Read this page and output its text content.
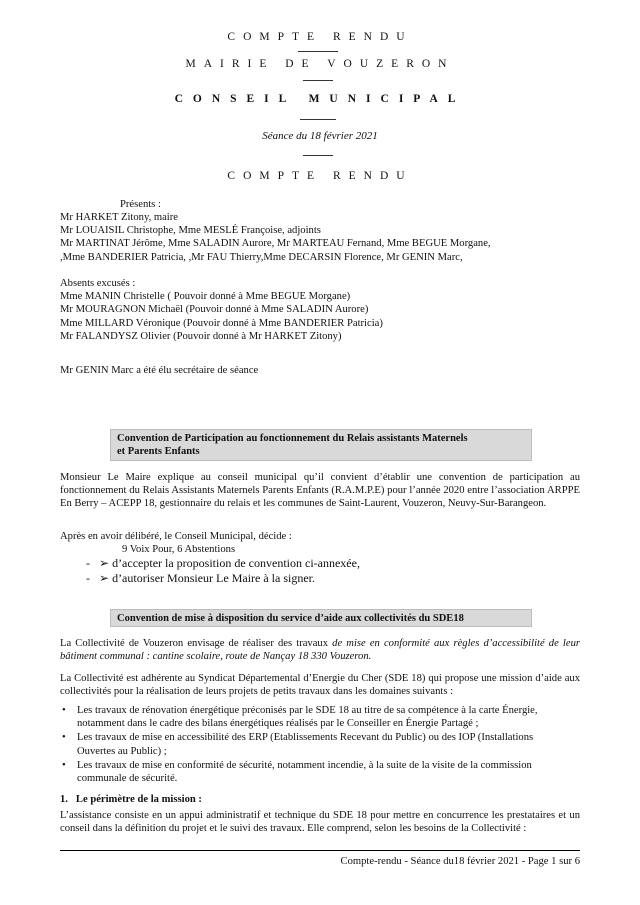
COMPTE RENDU
MAIRIE DE VOUZERON
CONSEIL MUNICIPAL
Séance du 18 février 2021
COMPTE RENDU
Présents :
Mr HARKET Zitony, maire
Mr LOUAISIL Christophe, Mme MESLÉ Françoise, adjoints
Mr MARTINAT Jérôme, Mme SALADIN Aurore, Mr MARTEAU Fernand, Mme BEGUE Morgane,
,Mme BANDERIER Patricia, ,Mr FAU Thierry,Mme DECARSIN Florence, Mr GENIN Marc,
Absents excusés :
Mme MANIN Christelle ( Pouvoir donné à Mme BEGUE Morgane)
Mr MOURAGNON Michaël (Pouvoir donné à Mme SALADIN Aurore)
Mme MILLARD Véronique (Pouvoir donné à Mme BANDERIER Patricia)
Mr FALANDYSZ Olivier (Pouvoir donné à Mr HARKET Zitony)
Mr GENIN Marc a été élu secrétaire de séance
Convention de Participation au fonctionnement du Relais assistants Maternels
et Parents Enfants
Monsieur Le Maire explique au conseil municipal qu’il convient d’établir une convention de participation au fonctionnement du Relais Assistants Maternels Parents Enfants (R.A.M.P.E) pour l’année 2020 entre l’association ARPPE En Berry – ACEPP 18, gestionnaire du relais et les communes de Saint-Laurent, Vouzeron, Neuvy-Sur-Barangeon.
Après en avoir délibéré, le Conseil Municipal, décide :
9 Voix Pour, 6 Abstentions
-   ➢ d’accepter la proposition de convention ci-annexée,
-   ➢ d’autoriser Monsieur Le Maire à la signer.
Convention de mise à disposition du service d’aide aux collectivités du SDE18
La Collectivité de Vouzeron envisage de réaliser des travaux de mise en conformité aux règles d’accessibilité de leur bâtiment communal : cantine scolaire, route de Nançay 18 330 Vouzeron.
La Collectivité est adhérente au Syndicat Départemental d’Energie du Cher (SDE 18) qui propose une mission d’aide aux collectivités pour la réalisation de leurs projets de petits travaux dans les domaines suivants :
• Les travaux de rénovation énergétique préconisés par le SDE 18 au titre de sa compétence à la carte Énergie, notamment dans le cadre des bilans énergétiques réalisés par le Conseiller en Énergie Partagé ;
• Les travaux de mise en accessibilité des ERP (Etablissements Recevant du Public) ou des IOP (Installations Ouvertes au Public) ;
• Les travaux de mise en conformité de sécurité, notamment incendie, à la suite de la visite de la commission communale de sécurité.
1. Le périmètre de la mission :
L’assistance consiste en un appui administratif et technique du SDE 18 pour mettre en concurrence les prestataires et un conseil dans la définition du projet et le suivi des travaux. Elle comprend, selon les besoins de la Collectivité :
Compte-rendu - Séance du18 février 2021 - Page 1 sur 6
